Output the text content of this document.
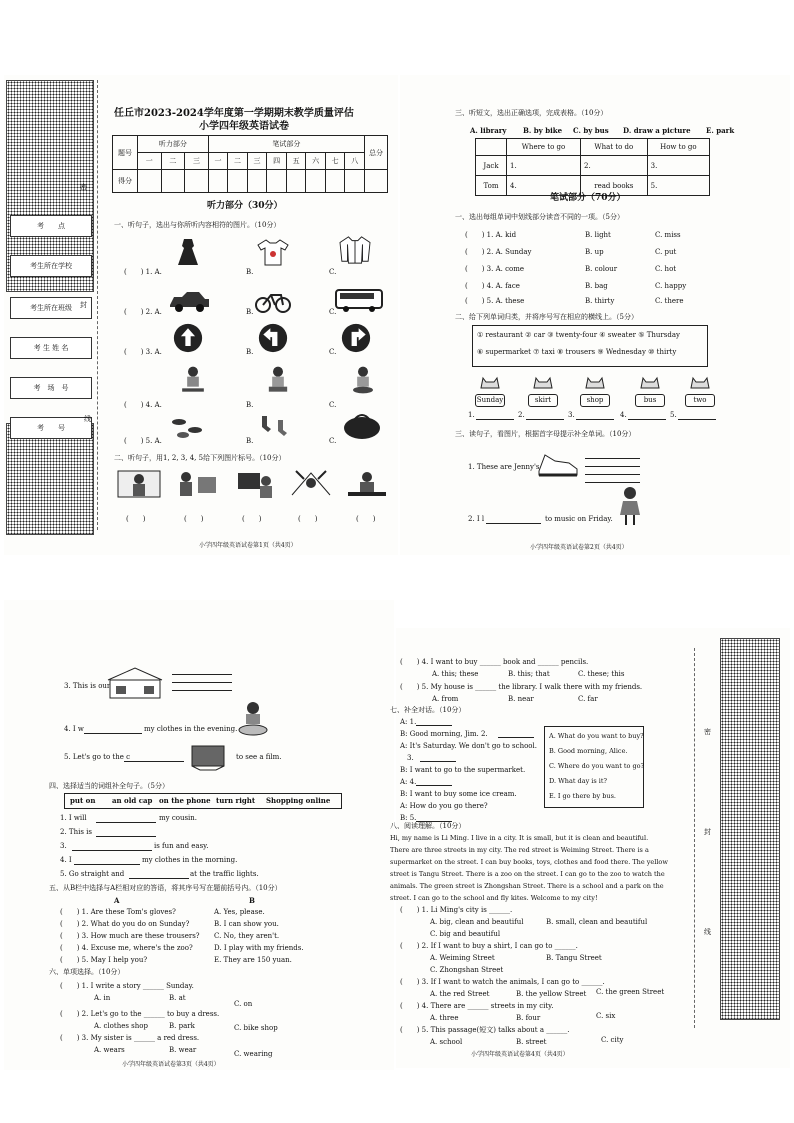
考　　点
考生所在学校
考生所在班级
考 生 姓 名
考　场　号
考　　号
密
封
线
任丘市2023-2024学年度第一学期期末教学质量评估
小学四年级英语试卷
题号	听力部分			笔试部分								总分
	一	二	三	一	二	三	四	五	六	七	八	
得分												
听力部分（30分）
一、听句子，选出与你所听内容相符的图片。（10分）
(　　) 1. A.
(　　) 2. A.
(　　) 3. A.
(　　) 4. A.
(　　) 5. A.
B.	C.
B.	C.
B.	C.
B.	C.
B.	C.
二、听句子，用1, 2, 3, 4, 5给下列图片标号。（10分）
(　　)	(　　)	(　　)	(　　)	(　　)
小学四年级英语试卷第1页（共4页）
三、听短文，选出正确选项，完成表格。（10分）
A. library B. by bike C. by bus D. draw a picture E. park
	Where to go	What to do	How to go
Jack	1.	2.	3.
Tom	4.	read books	5.
笔试部分（70分）
一、选出每组单词中划线部分读音不同的一项。（5分）
(　　) 1. A. kid	B. light	C. miss
(　　) 2. A. Sunday	B. up	C. put
(　　) 3. A. come	B. colour	C. hot
(　　) 4. A. face	B. bag	C. happy
(　　) 5. A. these	B. thirty	C. there
二、给下列单词归类，并将序号写在相应的横线上。（5分）
① restaurant ② car ③ twenty-four ④ sweater ⑤ Thursday
⑥ supermarket ⑦ taxi ⑧ trousers ⑨ Wednesday ⑩ thirty
Sunday	skirt	shop	bus	two
1.	2.	3.	4.	5.
三、读句子，看图片，根据首字母提示补全单词。（10分）
1. These are Jenny's
2. I l	to music on Friday.
小学四年级英语试卷第2页（共4页）
3. This is our
4. I w	my clothes in the evening.
5. Let's go to the c	to see a film.
四、选择适当的词组补全句子。（5分）
put on an old cap on the phone turn right Shopping online
1. I will	my cousin.
2. This is
3.	is fun and easy.
4. I	my clothes in the morning.
5. Go straight and	at the traffic lights.
五、从B栏中选择与A栏相对应的答语，将其序号写在题前括号内。（10分）
A	B
(　　) 1. Are these Tom's gloves?	A. Yes, please.
(　　) 2. What do you do on Sunday?	B. I can show you.
(　　) 3. How much are these trousers? C. No, they aren't.
(　　) 4. Excuse me, where's the zoo?	D. I play with my friends.
(　　) 5. May I help you?	E. They are 150 yuan.
六、单项选择。（10分）
(　　) 1. I write a story ______ Sunday.
A. in	B. at
C. on
(　　) 2. Let's go to the ______ to buy a dress.
A. clothes shop	B. park	C. bike shop
(　　) 3. My sister is ______ a red dress.
A. wears	B. wear	C. wearing
小学四年级英语试卷第3页（共4页）
(　　) 4. I want to buy ______ book and ______ pencils.
A. this; these	B. this; that	C. these; this
(　　) 5. My house is ______ the library. I walk there with my friends.
A. from	B. near	C. far
七、补全对话。（10分）
A: 1.
B: Good morning, Jim. 2.
A: It's Saturday. We don't go to school.
　3.
B: I want to go to the supermarket.
A: 4.
B: I want to buy some ice cream.
A: How do you go there?
B: 5.
A. What do you want to buy?
B. Good morning, Alice.
C. Where do you want to go?
D. What day is it?
E. I go there by bus.
八、阅读理解。（10分）
Hi, my name is Li Ming. I live in a city. It is small, but it is clean and beautiful.
There are three streets in my city. The red street is Weiming Street. There is a
supermarket on the street. I can buy books, toys, clothes and food there. The yellow
street is Tangu Street. There is a zoo on the street. I can go to the zoo to watch the
animals. The green street is Zhongshan Street. There is a school and a park on the
street. I can go to the school and fly kites. Welcome to my city!
(　　) 1. Li Ming's city is ______.
A. big, clean and beautiful	B. small, clean and beautiful
C. big and beautiful
(　　) 2. If I want to buy a shirt, I can go to ______.
A. Weiming Street	B. Tangu Street
C. Zhongshan Street
(　　) 3. If I want to watch the animals, I can go to ______.
A. the red Street	B. the yellow Street C. the green Street
(　　) 4. There are ______ streets in my city.
A. three	B. four	C. six
(　　) 5. This passage(短文) talks about a ______.
A. school	B. street	C. city
小学四年级英语试卷第4页（共4页）
密
封
线
